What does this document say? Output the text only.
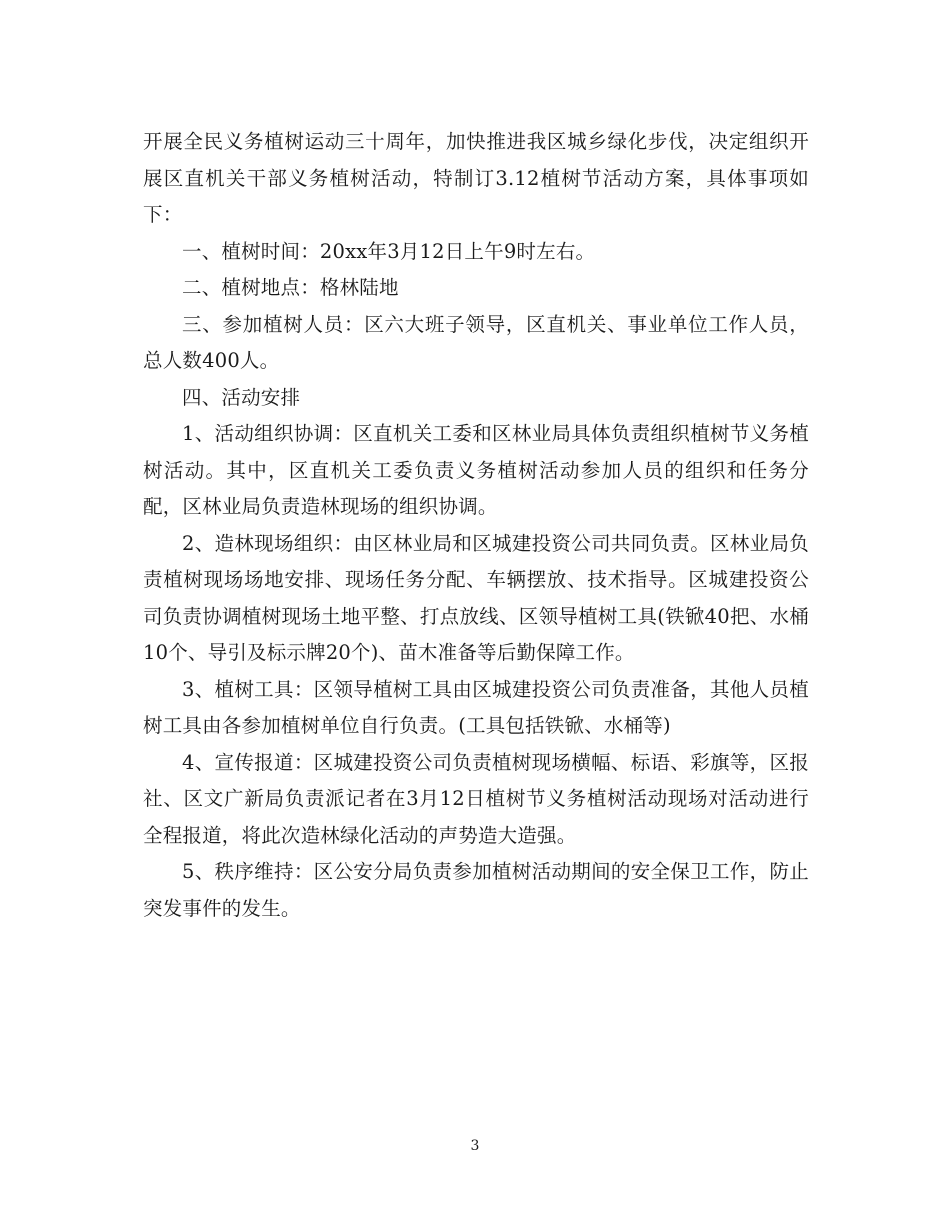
开展全民义务植树运动三十周年，加快推进我区城乡绿化步伐，决定组织开展区直机关干部义务植树活动，特制订3.12植树节活动方案，具体事项如下：

一、植树时间：20xx年3月12日上午9时左右。

二、植树地点：格林陆地

三、参加植树人员：区六大班子领导，区直机关、事业单位工作人员，总人数400人。

四、活动安排

1、活动组织协调：区直机关工委和区林业局具体负责组织植树节义务植树活动。其中，区直机关工委负责义务植树活动参加人员的组织和任务分配，区林业局负责造林现场的组织协调。

2、造林现场组织：由区林业局和区城建投资公司共同负责。区林业局负责植树现场场地安排、现场任务分配、车辆摆放、技术指导。区城建投资公司负责协调植树现场土地平整、打点放线、区领导植树工具(铁锨40把、水桶10个、导引及标示牌20个)、苗木准备等后勤保障工作。

3、植树工具：区领导植树工具由区城建投资公司负责准备，其他人员植树工具由各参加植树单位自行负责。(工具包括铁锨、水桶等)

4、宣传报道：区城建投资公司负责植树现场横幅、标语、彩旗等，区报社、区文广新局负责派记者在3月12日植树节义务植树活动现场对活动进行全程报道，将此次造林绿化活动的声势造大造强。

5、秩序维持：区公安分局负责参加植树活动期间的安全保卫工作，防止突发事件的发生。

3
